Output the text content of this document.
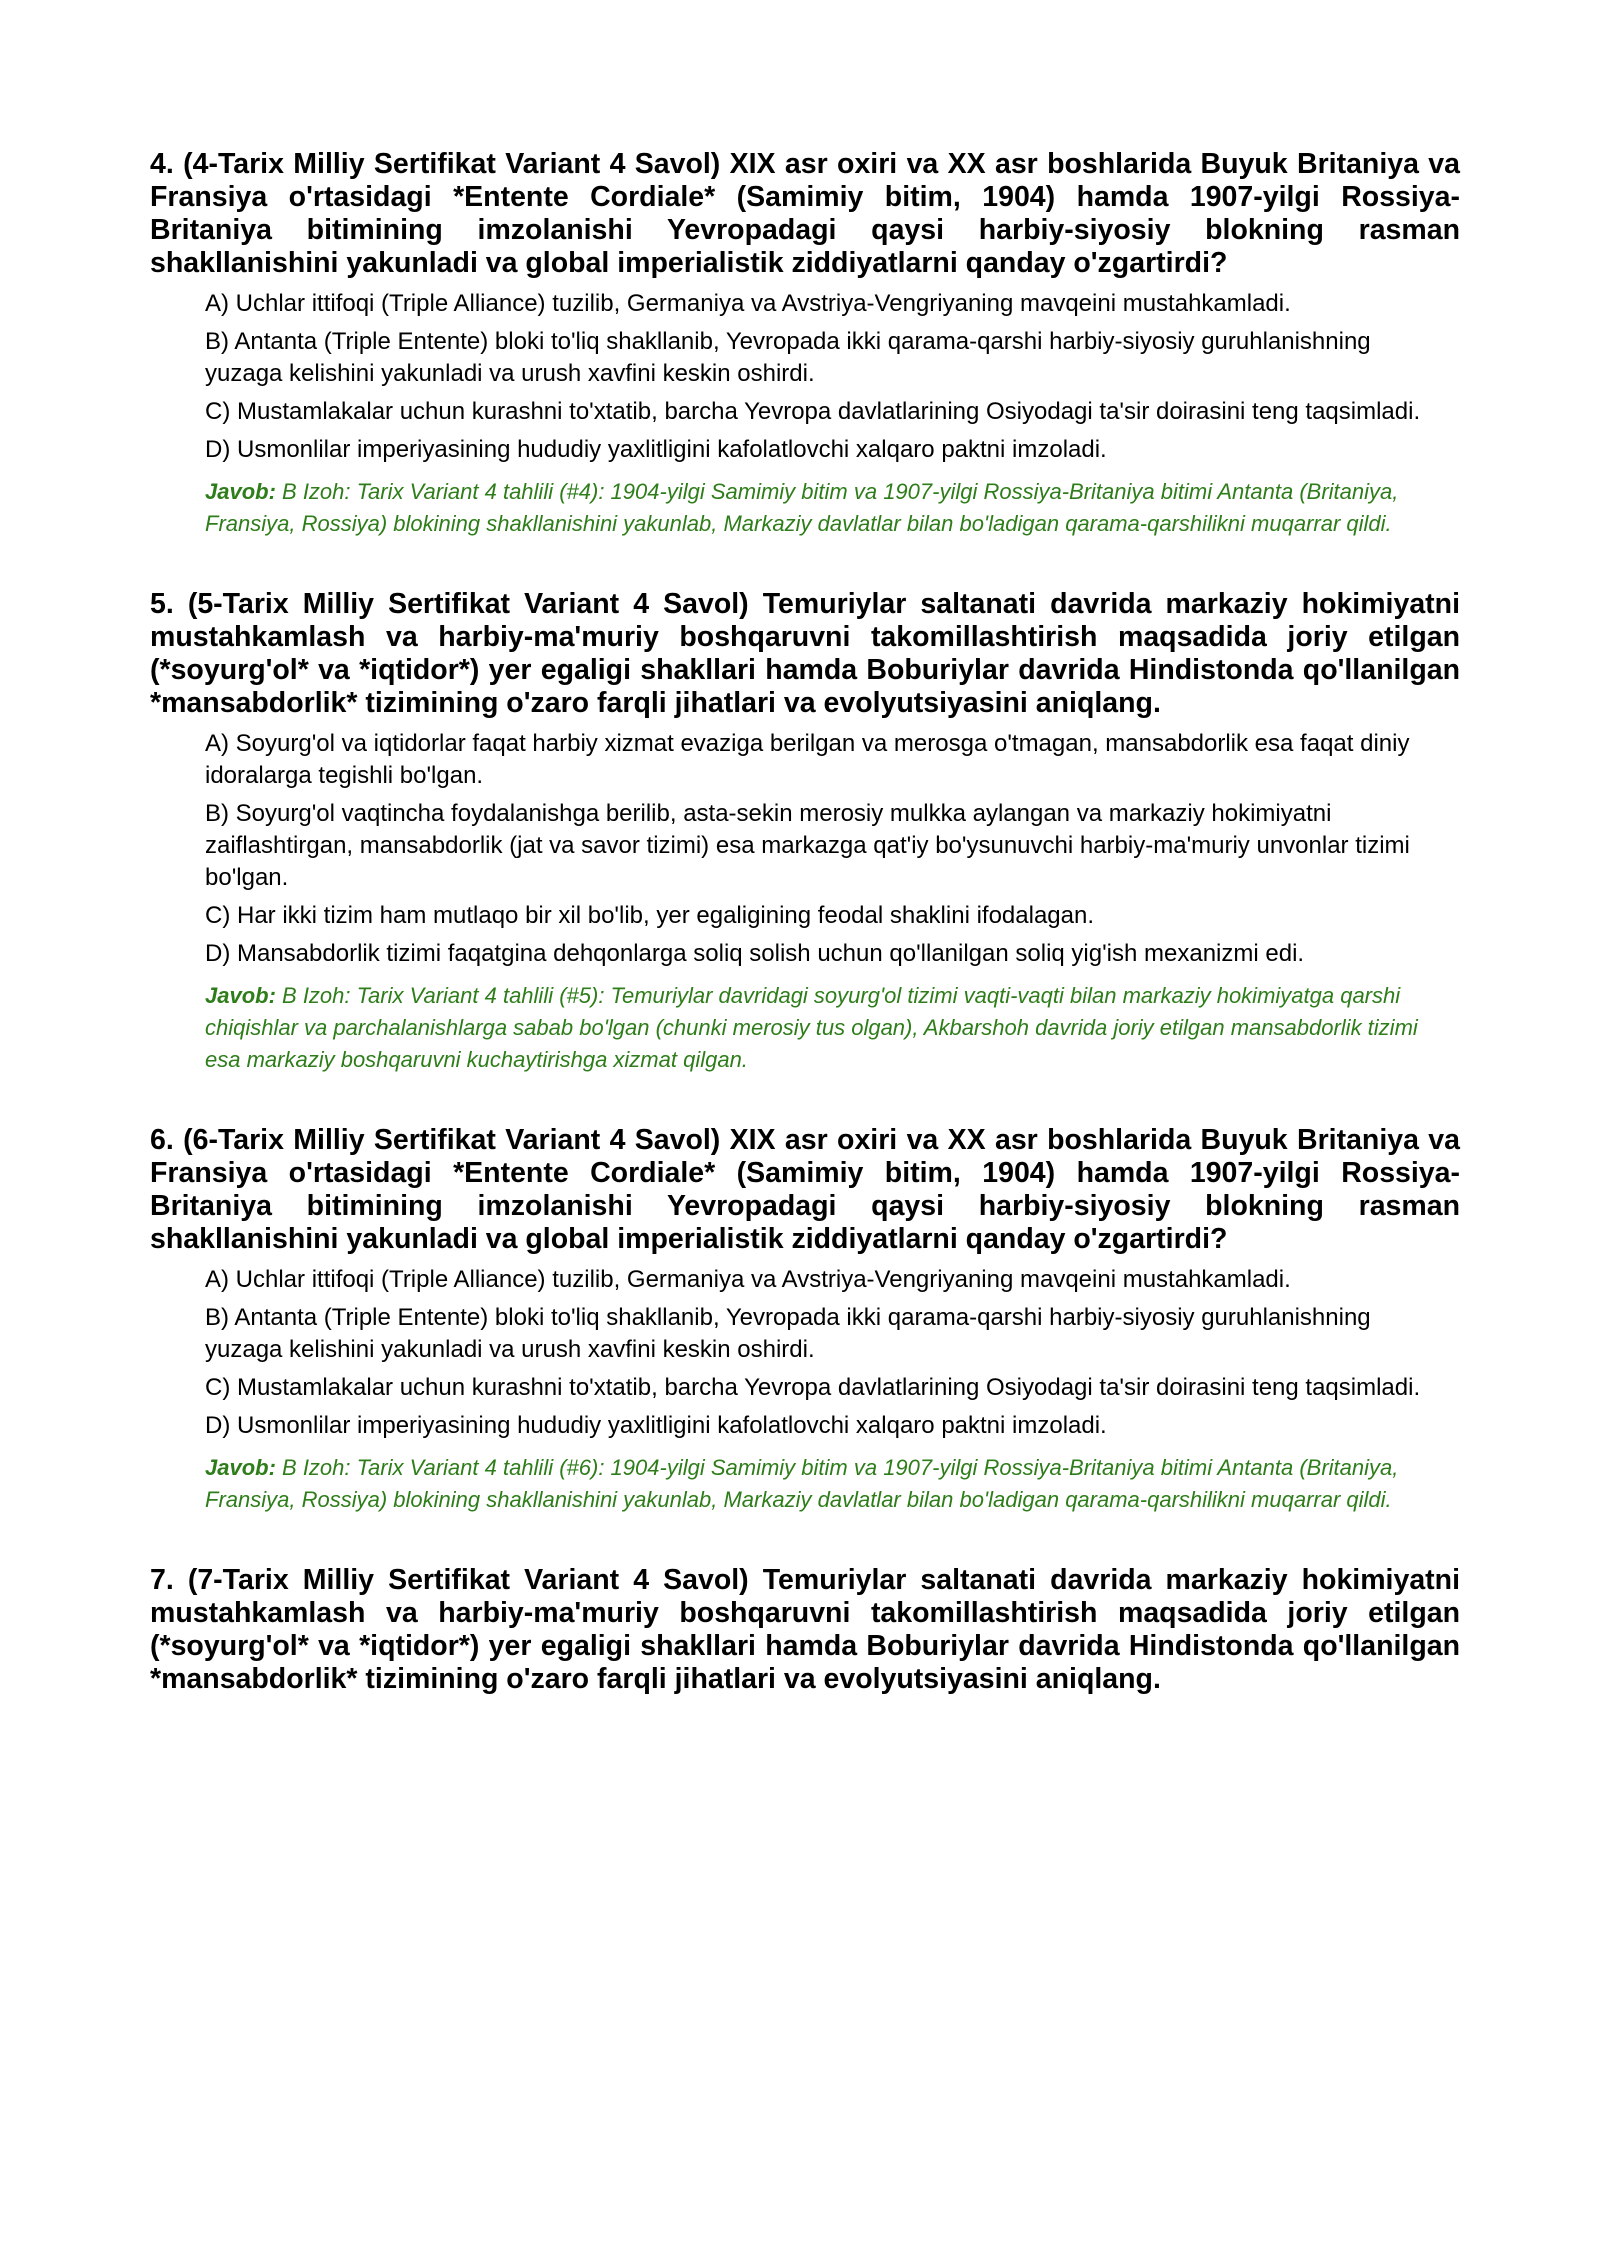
4. (4-Tarix Milliy Sertifikat Variant 4 Savol) XIX asr oxiri va XX asr boshlarida Buyuk Britaniya va Fransiya o'rtasidagi *Entente Cordiale* (Samimiy bitim, 1904) hamda 1907-yilgi Rossiya-Britaniya bitimining imzolanishi Yevropadagi qaysi harbiy-siyosiy blokning rasman shakllanishini yakunladi va global imperialistik ziddiyatlarni qanday o'zgartirdi?
A) Uchlar ittifoqi (Triple Alliance) tuzilib, Germaniya va Avstriya-Vengriyaning mavqeini mustahkamladi.
B) Antanta (Triple Entente) bloki to'liq shakllanib, Yevropada ikki qarama-qarshi harbiy-siyosiy guruhlanishning yuzaga kelishini yakunladi va urush xavfini keskin oshirdi.
C) Mustamlakalar uchun kurashni to'xtatib, barcha Yevropa davlatlarining Osiyodagi ta'sir doirasini teng taqsimladi.
D) Usmonlilar imperiyasining hududiy yaxlitligini kafolatlovchi xalqaro paktni imzoladi.
Javob: B Izoh: Tarix Variant 4 tahlili (#4): 1904-yilgi Samimiy bitim va 1907-yilgi Rossiya-Britaniya bitimi Antanta (Britaniya, Fransiya, Rossiya) blokining shakllanishini yakunlab, Markaziy davlatlar bilan bo'ladigan qarama-qarshilikni muqarrar qildi.
5. (5-Tarix Milliy Sertifikat Variant 4 Savol) Temuriylar saltanati davrida markaziy hokimiyatni mustahkamlash va harbiy-ma'muriy boshqaruvni takomillashtirish maqsadida joriy etilgan (*soyurg'ol* va *iqtidor*) yer egaligi shakllari hamda Boburiylar davrida Hindistonda qo'llanilgan *mansabdorlik* tizimining o'zaro farqli jihatlari va evolyutsiyasini aniqlang.
A) Soyurg'ol va iqtidorlar faqat harbiy xizmat evaziga berilgan va merosga o'tmagan, mansabdorlik esa faqat diniy idoralarga tegishli bo'lgan.
B) Soyurg'ol vaqtincha foydalanishga berilib, asta-sekin merosiy mulkka aylangan va markaziy hokimiyatni zaiflashtirgan, mansabdorlik (jat va savor tizimi) esa markazga qat'iy bo'ysunuvchi harbiy-ma'muriy unvonlar tizimi bo'lgan.
C) Har ikki tizim ham mutlaqo bir xil bo'lib, yer egaligining feodal shaklini ifodalagan.
D) Mansabdorlik tizimi faqatgina dehqonlarga soliq solish uchun qo'llanilgan soliq yig'ish mexanizmi edi.
Javob: B Izoh: Tarix Variant 4 tahlili (#5): Temuriylar davridagi soyurg'ol tizimi vaqti-vaqti bilan markaziy hokimiyatga qarshi chiqishlar va parchalanishlarga sabab bo'lgan (chunki merosiy tus olgan), Akbarshoh davrida joriy etilgan mansabdorlik tizimi esa markaziy boshqaruvni kuchaytirishga xizmat qilgan.
6. (6-Tarix Milliy Sertifikat Variant 4 Savol) XIX asr oxiri va XX asr boshlarida Buyuk Britaniya va Fransiya o'rtasidagi *Entente Cordiale* (Samimiy bitim, 1904) hamda 1907-yilgi Rossiya-Britaniya bitimining imzolanishi Yevropadagi qaysi harbiy-siyosiy blokning rasman shakllanishini yakunladi va global imperialistik ziddiyatlarni qanday o'zgartirdi?
A) Uchlar ittifoqi (Triple Alliance) tuzilib, Germaniya va Avstriya-Vengriyaning mavqeini mustahkamladi.
B) Antanta (Triple Entente) bloki to'liq shakllanib, Yevropada ikki qarama-qarshi harbiy-siyosiy guruhlanishning yuzaga kelishini yakunladi va urush xavfini keskin oshirdi.
C) Mustamlakalar uchun kurashni to'xtatib, barcha Yevropa davlatlarining Osiyodagi ta'sir doirasini teng taqsimladi.
D) Usmonlilar imperiyasining hududiy yaxlitligini kafolatlovchi xalqaro paktni imzoladi.
Javob: B Izoh: Tarix Variant 4 tahlili (#6): 1904-yilgi Samimiy bitim va 1907-yilgi Rossiya-Britaniya bitimi Antanta (Britaniya, Fransiya, Rossiya) blokining shakllanishini yakunlab, Markaziy davlatlar bilan bo'ladigan qarama-qarshilikni muqarrar qildi.
7. (7-Tarix Milliy Sertifikat Variant 4 Savol) Temuriylar saltanati davrida markaziy hokimiyatni mustahkamlash va harbiy-ma'muriy boshqaruvni takomillashtirish maqsadida joriy etilgan (*soyurg'ol* va *iqtidor*) yer egaligi shakllari hamda Boburiylar davrida Hindistonda qo'llanilgan *mansabdorlik* tizimining o'zaro farqli jihatlari va evolyutsiyasini aniqlang.
